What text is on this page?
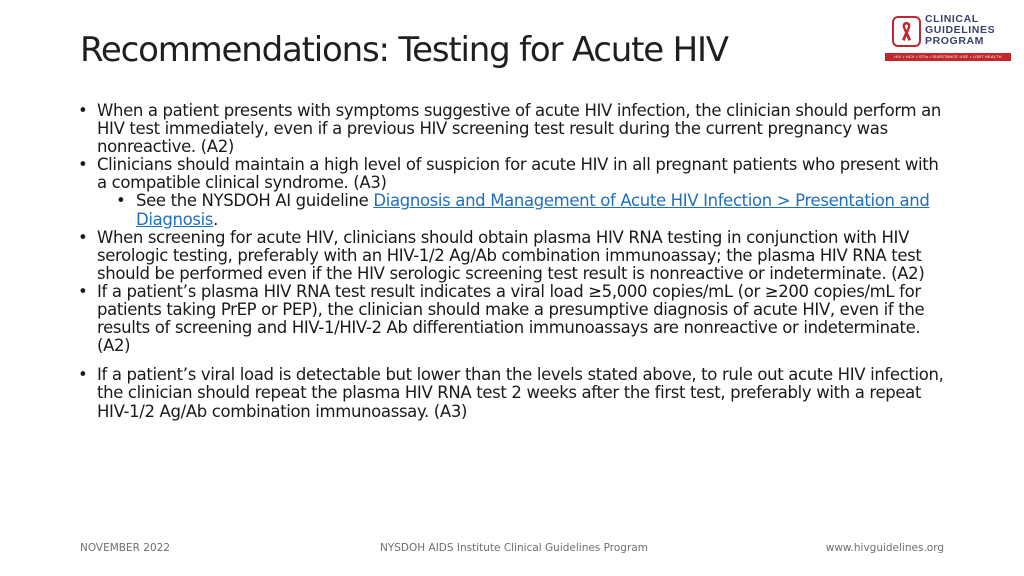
Recommendations: Testing for Acute HIV
CLINICAL
GUIDELINES
PROGRAM
HIV • HCV • STIs • SUBSTANCE USE • LGBT HEALTH
• When a patient presents with symptoms suggestive of acute HIV infection, the clinician should perform an HIV test immediately, even if a previous HIV screening test result during the current pregnancy was nonreactive. (A2)
• Clinicians should maintain a high level of suspicion for acute HIV in all pregnant patients who present with a compatible clinical syndrome. (A3)
• See the NYSDOH AI guideline Diagnosis and Management of Acute HIV Infection > Presentation and Diagnosis.
• When screening for acute HIV, clinicians should obtain plasma HIV RNA testing in conjunction with HIV serologic testing, preferably with an HIV-1/2 Ag/Ab combination immunoassay; the plasma HIV RNA test should be performed even if the HIV serologic screening test result is nonreactive or indeterminate. (A2)
• If a patient’s plasma HIV RNA test result indicates a viral load ≥5,000 copies/mL (or ≥200 copies/mL for patients taking PrEP or PEP), the clinician should make a presumptive diagnosis of acute HIV, even if the results of screening and HIV-1/HIV-2 Ab differentiation immunoassays are nonreactive or indeterminate. (A2)
• If a patient’s viral load is detectable but lower than the levels stated above, to rule out acute HIV infection, the clinician should repeat the plasma HIV RNA test 2 weeks after the first test, preferably with a repeat HIV-1/2 Ag/Ab combination immunoassay. (A3)
NOVEMBER 2022	NYSDOH AIDS Institute Clinical Guidelines Program	www.hivguidelines.org
